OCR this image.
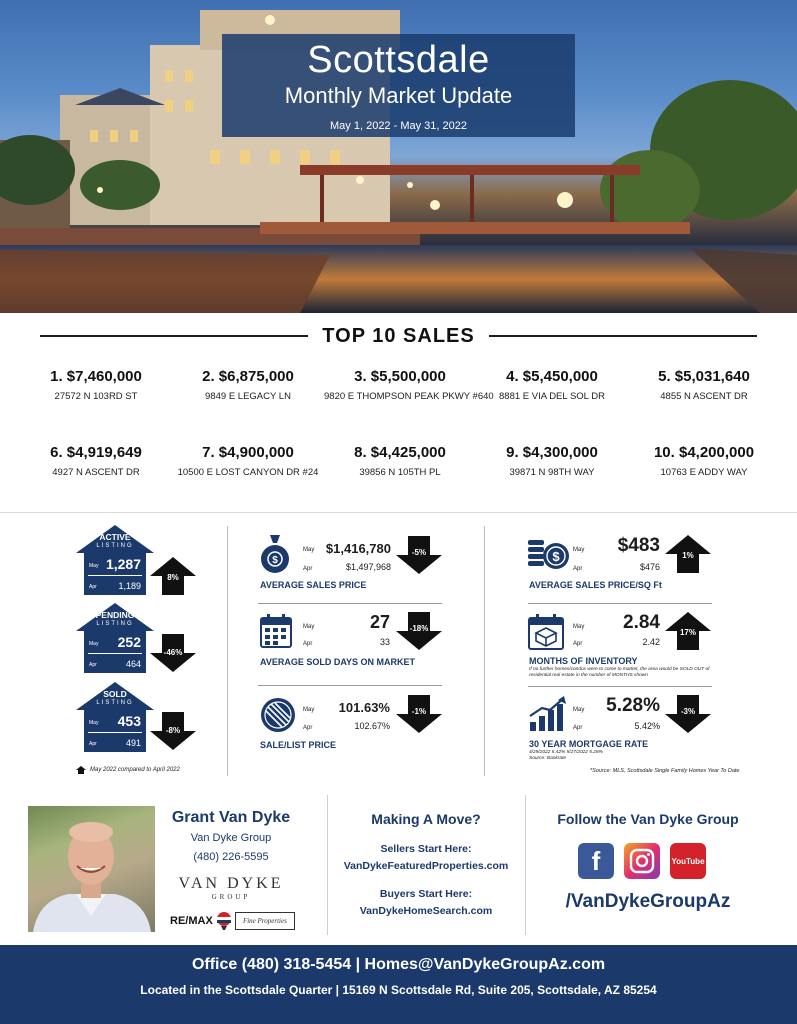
Scottsdale
Monthly Market Update
May 1, 2022 - May 31, 2022
TOP 10 SALES
1. $7,460,000
27572 N 103RD ST
2. $6,875,000
9849 E LEGACY LN
3. $5,500,000
9820 E THOMPSON PEAK PKWY #640
4. $5,450,000
8881 E VIA DEL SOL DR
5. $5,031,640
4855 N ASCENT DR
6. $4,919,649
4927 N ASCENT DR
7. $4,900,000
10500 E LOST CANYON DR #24
8. $4,425,000
39856 N 105TH PL
9. $4,300,000
39871 N 98TH WAY
10. $4,200,000
10763 E ADDY WAY
ACTIVE
LISTING
May 1,287
Apr 1,189
PENDING
LISTING
May 252
Apr	464
SOLD
LISTING
May 453
Apr	491
8%
-46%
-8%
May 2022 compared to April 2022
$
May $1,416,780
Apr	$1,497,968
-5%
AVERAGE SALES PRICE
May	27
Apr	33
-18%
AVERAGE SOLD DAYS ON MARKET
May	101.63%
Apr	102.67%
-1%
SALE/LIST PRICE
$ May	$483
Apr	$476
1%
AVERAGE SALES PRICE/SQ Ft
May	2.84
Apr	2.42
17%
MONTHS OF INVENTORY
If no further homes/condos were to come to market, the area would be SOLD OUT of residential real estate in the number of MONTHS shown
May	5.28%
Apr	5.42%
-3%
30 YEAR MORTGAGE RATE
4/29/2022 5.42% 5/27/2022 5.28%
Source: Bankrate
*Source: MLS, Scottsdale Single Family Homes Year To Date
Grant Van Dyke
Van Dyke Group
(480) 226-5595
VAN DYKE
GROUP
RE/MAX	Fine Properties
Making A Move?
Sellers Start Here:
VanDykeFeaturedProperties.com
Buyers Start Here:
VanDykeHomeSearch.com
Follow the Van Dyke Group
f	YouTube
/VanDykeGroupAz
Office (480) 318-5454 | Homes@VanDykeGroupAz.com
Located in the Scottsdale Quarter | 15169 N Scottsdale Rd, Suite 205, Scottsdale, AZ 85254
